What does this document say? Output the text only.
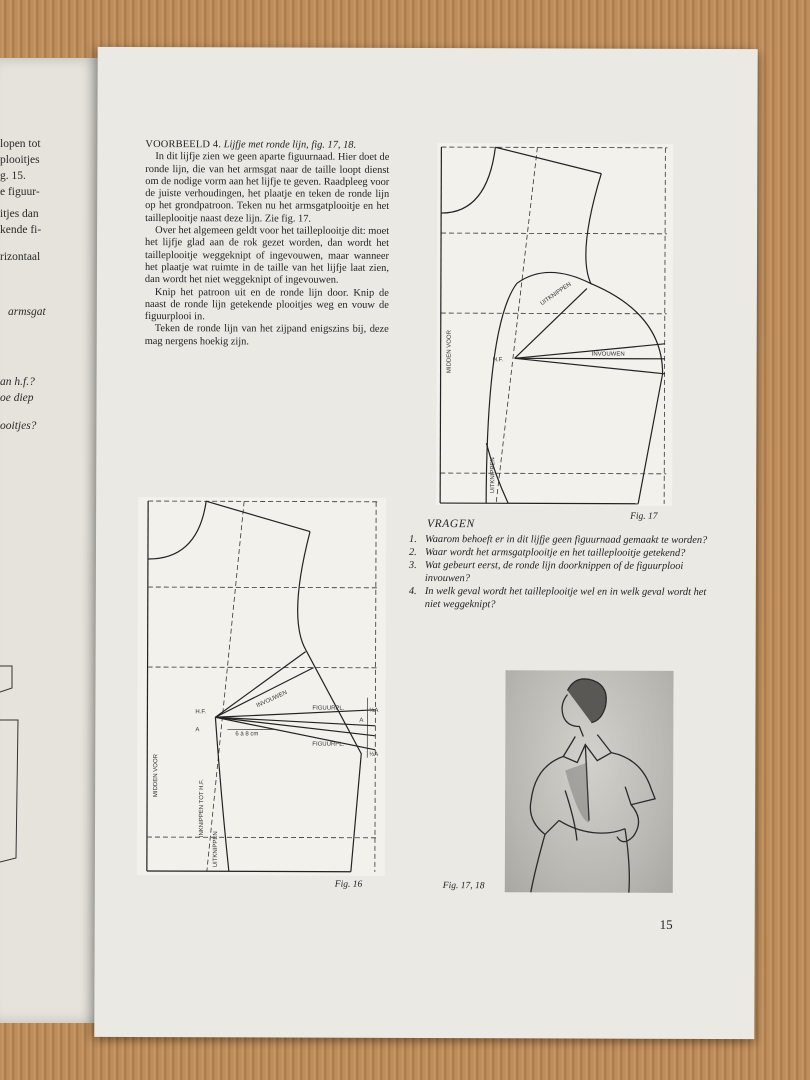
lopen tot
plooitjes
g. 15.
e figuur-
itjes dan
kende fi-
rizontaal
armsgat
an h.f.?
oe diep
ooitjes?

VOORBEELD 4. Lijfje met ronde lijn, fig. 17, 18.

In dit lijfje zien we geen aparte figuurnaad. Hier doet de ronde lijn, die van het armsgat naar de taille loopt dienst om de nodige vorm aan het lijfje te geven. Raadpleeg voor de juiste verhoudingen, het plaatje en teken de ronde lijn op het grondpatroon. Teken nu het armsgatplooitje en het tailleplooitje naast deze lijn. Zie fig. 17.

Over het algemeen geldt voor het tailleplooitje dit: moet het lijfje glad aan de rok gezet worden, dan wordt het tailleplooitje weggeknipt of ingevouwen, maar wanneer het plaatje wat ruimte in de taille van het lijfje laat zien, dan wordt het niet weggeknipt of ingevouwen.

Knip het patroon uit en de ronde lijn door. Knip de naast de ronde lijn getekende plooitjes weg en vouw de figuurplooi in.

Teken de ronde lijn van het zijpand enigszins bij, deze mag nergens hoekig zijn.

UITKNIPPEN
MIDDEN VOOR	H.F.
INVOUWEN
UITKNIPPEN
Fig. 17
INVOUWEN
MIDDEN VOOR
H.F.
6 à 8 cm
FIGUURPL.
FIGUURPL.
A
½A
½A
A
INKNIPPEN TOT H.F.
UITKNIPPEN
Fig. 16
VRAGEN
1. Waarom behoeft er in dit lijfje geen figuurnaad gemaakt te worden?
2. Waar wordt het armsgatplooitje en het tailleplooitje getekend?
3. Wat gebeurt eerst, de ronde lijn doorknippen of de figuurplooi invouwen?
4. In welk geval wordt het tailleplooitje wel en in welk geval wordt het niet weggeknipt?
Fig. 17, 18
15
